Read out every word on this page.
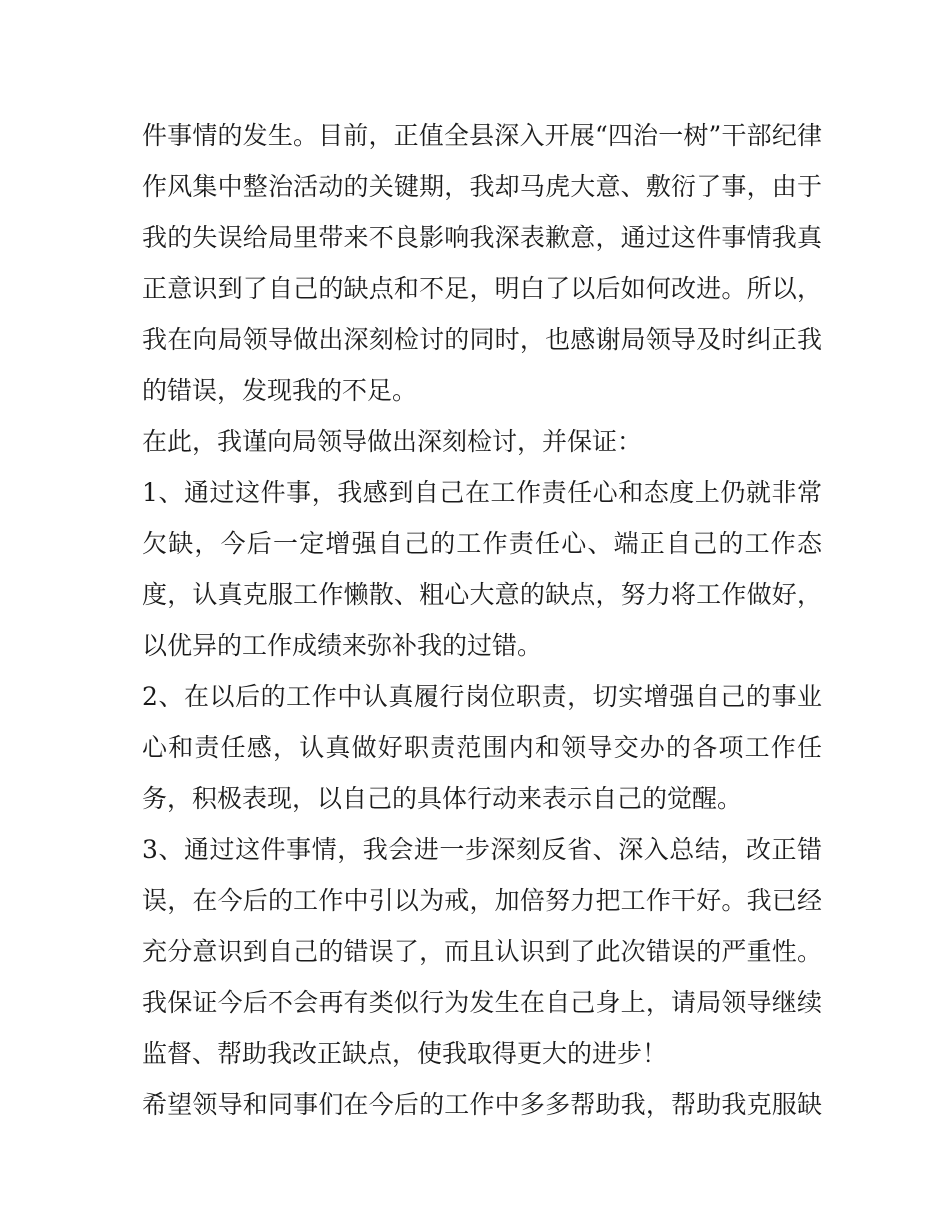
件事情的发生。目前，正值全县深入开展“四治一树”干部纪律
作风集中整治活动的关键期，我却马虎大意、敷衍了事，由于
我的失误给局里带来不良影响我深表歉意，通过这件事情我真
正意识到了自己的缺点和不足，明白了以后如何改进。所以，
我在向局领导做出深刻检讨的同时，也感谢局领导及时纠正我
的错误，发现我的不足。
在此，我谨向局领导做出深刻检讨，并保证：
1、通过这件事，我感到自己在工作责任心和态度上仍就非常
欠缺，今后一定增强自己的工作责任心、端正自己的工作态
度，认真克服工作懒散、粗心大意的缺点，努力将工作做好，
以优异的工作成绩来弥补我的过错。
2、在以后的工作中认真履行岗位职责，切实增强自己的事业
心和责任感，认真做好职责范围内和领导交办的各项工作任
务，积极表现，以自己的具体行动来表示自己的觉醒。
3、通过这件事情，我会进一步深刻反省、深入总结，改正错
误，在今后的工作中引以为戒，加倍努力把工作干好。我已经
充分意识到自己的错误了，而且认识到了此次错误的严重性。
我保证今后不会再有类似行为发生在自己身上，请局领导继续
监督、帮助我改正缺点，使我取得更大的进步！
希望领导和同事们在今后的工作中多多帮助我，帮助我克服缺
